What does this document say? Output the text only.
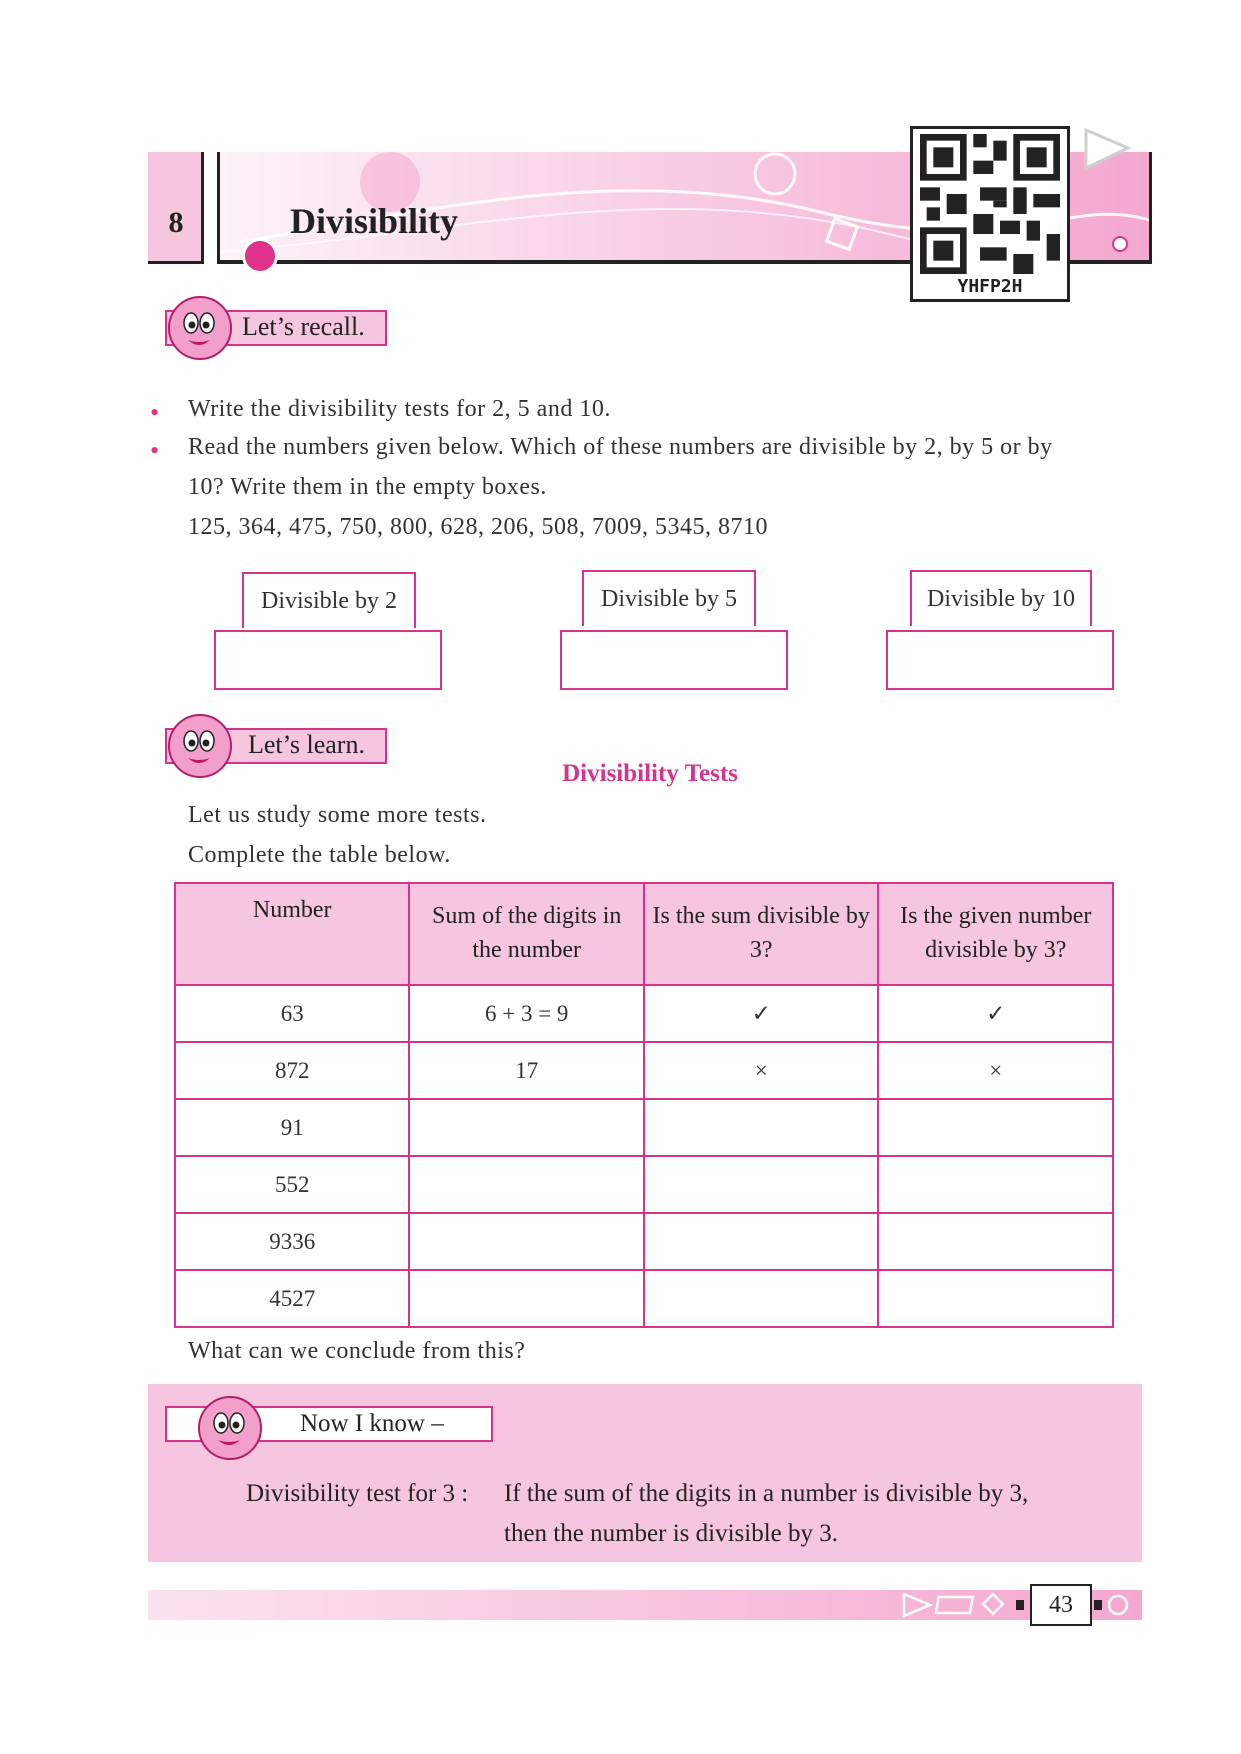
8	Divisibility
YHFP2H
Let’s recall.
• Write the divisibility tests for 2, 5 and 10.
• Read the numbers given below. Which of these numbers are divisible by 2, by 5 or by
10? Write them in the empty boxes.
125, 364, 475, 750, 800, 628, 206, 508, 7009, 5345, 8710
Divisible by 2	Divisible by 5	Divisible by 10
Let’s learn.
Divisibility Tests
Let us study some more tests.
Complete the table below.
Number	Sum of the digits in the number	Is the sum divisible by 3?	Is the given number divisible by 3?
63	6 + 3 = 9	✓	✓
872	17	×	×
91			
552			
9336			
4527			
What can we conclude from this?
Now I know –
Divisibility test for 3 : If the sum of the digits in a number is divisible by 3,
then the number is divisible by 3.
43
